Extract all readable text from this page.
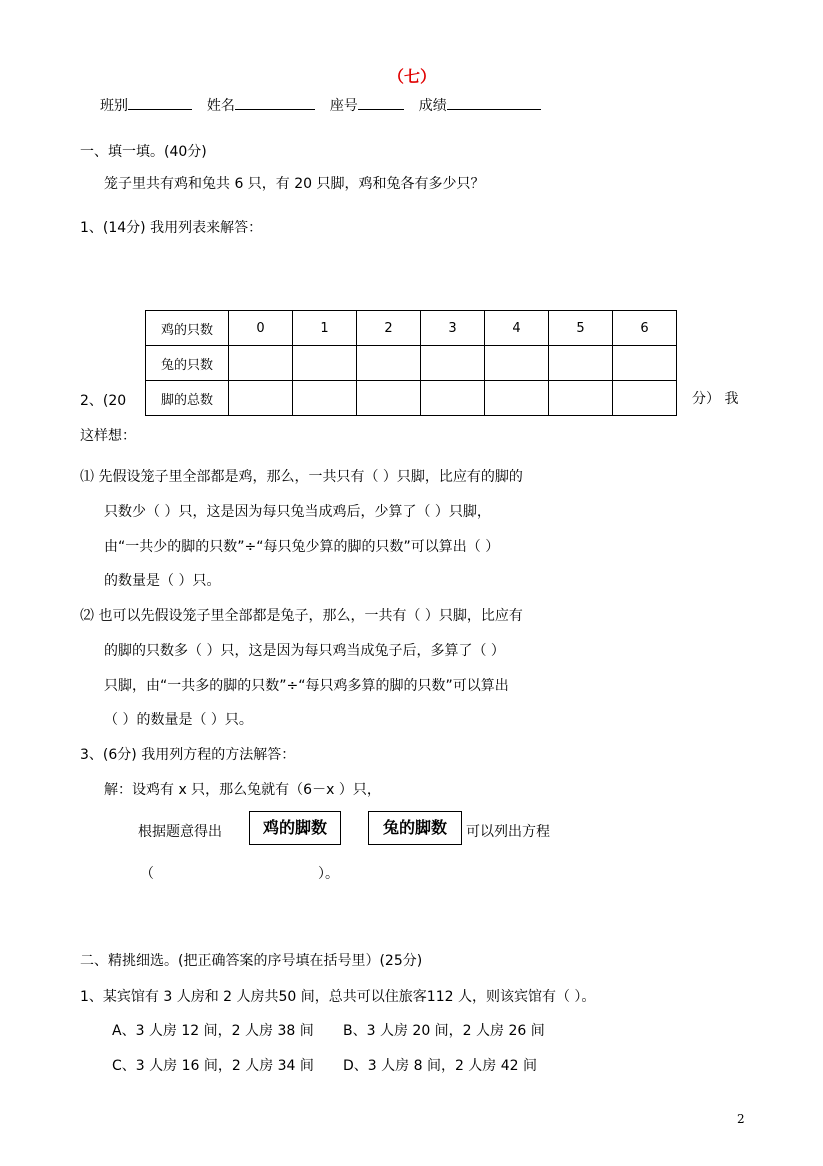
（七）
班别	姓名	座号	成绩
一、填一填。(40分)
笼子里共有鸡和兔共 6 只，有 20 只脚，鸡和兔各有多少只？
1、(14分) 我用列表来解答：
鸡的只数	0	1	2	3	4	5	6
兔的只数							
脚的总数							
2、(20	分） 我
这样想：
⑴ 先假设笼子里全部都是鸡，那么，一共只有（ ）只脚，比应有的脚的
只数少（ ）只，这是因为每只兔当成鸡后，少算了（ ）只脚，
由“一共少的脚的只数”÷“每只兔少算的脚的只数”可以算出（ ）
的数量是（ ）只。
⑵ 也可以先假设笼子里全部都是兔子，那么，一共有（ ）只脚，比应有
的脚的只数多（ ）只，这是因为每只鸡当成兔子后，多算了（ ）
只脚，由“一共多的脚的只数”÷“每只鸡多算的脚的只数”可以算出
（ ）的数量是（ ）只。
3、(6分) 我用列方程的方法解答：
解：设鸡有 x 只，那么兔就有（6－x ）只，
根据题意得出	鸡的脚数	兔的脚数	可以列出方程
（	）。
二、精挑细选。(把正确答案的序号填在括号里）(25分)
1、某宾馆有 3 人房和 2 人房共50 间，总共可以住旅客112 人，则该宾馆有（ ）。
A、3 人房 12 间，2 人房 38 间 B、3 人房 20 间，2 人房 26 间
C、3 人房 16 间，2 人房 34 间 D、3 人房 8 间，2 人房 42 间
2
